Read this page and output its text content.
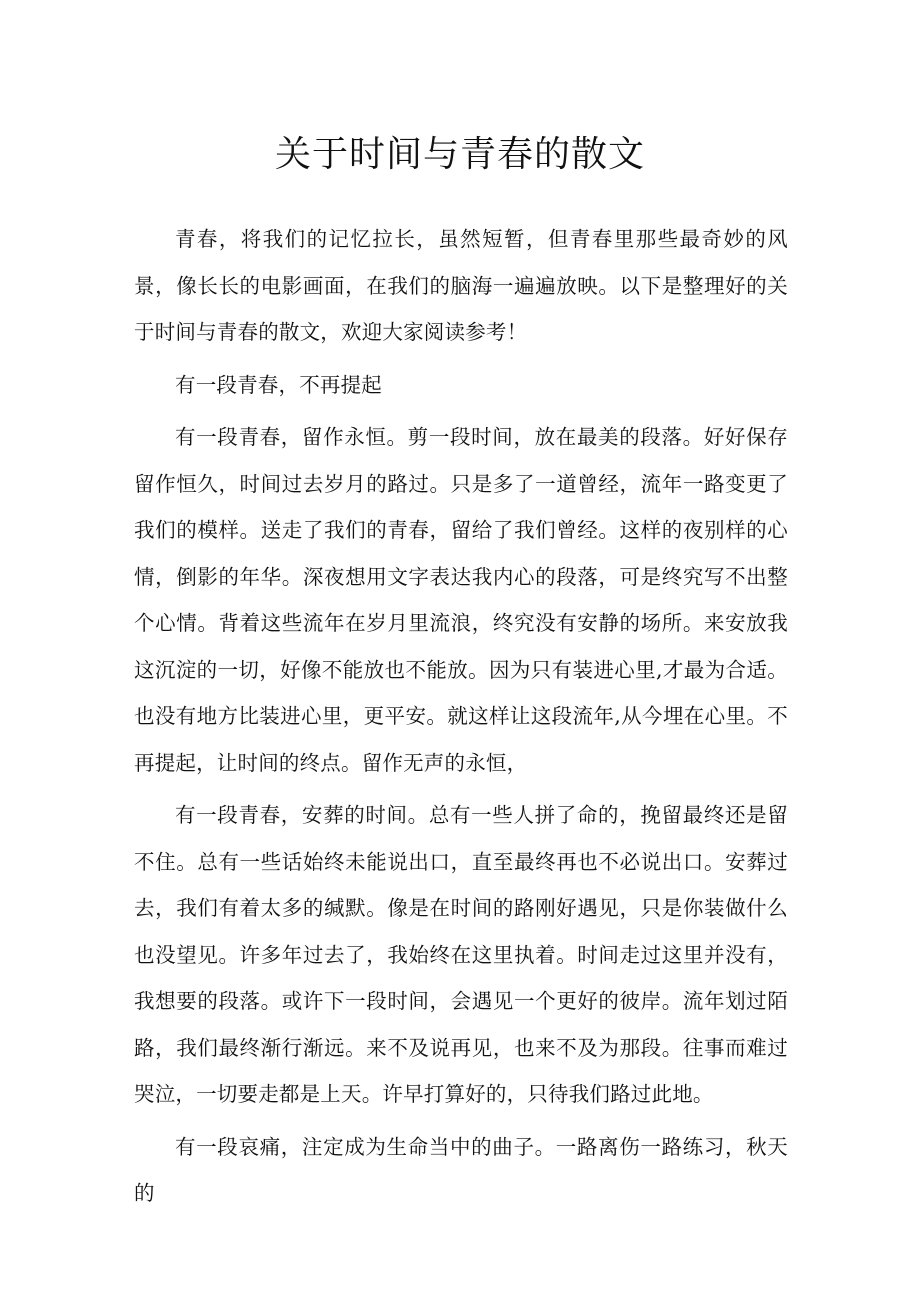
关于时间与青春的散文

青春，将我们的记忆拉长，虽然短暂，但青春里那些最奇妙的风景，像长长的电影画面，在我们的脑海一遍遍放映。以下是整理好的关于时间与青春的散文，欢迎大家阅读参考！

有一段青春，不再提起

有一段青春，留作永恒。剪一段时间，放在最美的段落。好好保存留作恒久，时间过去岁月的路过。只是多了一道曾经，流年一路变更了我们的模样。送走了我们的青春，留给了我们曾经。这样的夜别样的心情，倒影的年华。深夜想用文字表达我内心的段落，可是终究写不出整个心情。背着这些流年在岁月里流浪，终究没有安静的场所。来安放我这沉淀的一切，好像不能放也不能放。因为只有装进心里,才最为合适。也没有地方比装进心里，更平安。就这样让这段流年,从今埋在心里。不再提起，让时间的终点。留作无声的永恒，

有一段青春，安葬的时间。总有一些人拼了命的，挽留最终还是留不住。总有一些话始终未能说出口，直至最终再也不必说出口。安葬过去，我们有着太多的缄默。像是在时间的路刚好遇见，只是你装做什么也没望见。许多年过去了，我始终在这里执着。时间走过这里并没有，我想要的段落。或许下一段时间，会遇见一个更好的彼岸。流年划过陌路，我们最终渐行渐远。来不及说再见，也来不及为那段。往事而难过哭泣，一切要走都是上天。许早打算好的，只待我们路过此地。

有一段哀痛，注定成为生命当中的曲子。一路离伤一路练习，秋天的
